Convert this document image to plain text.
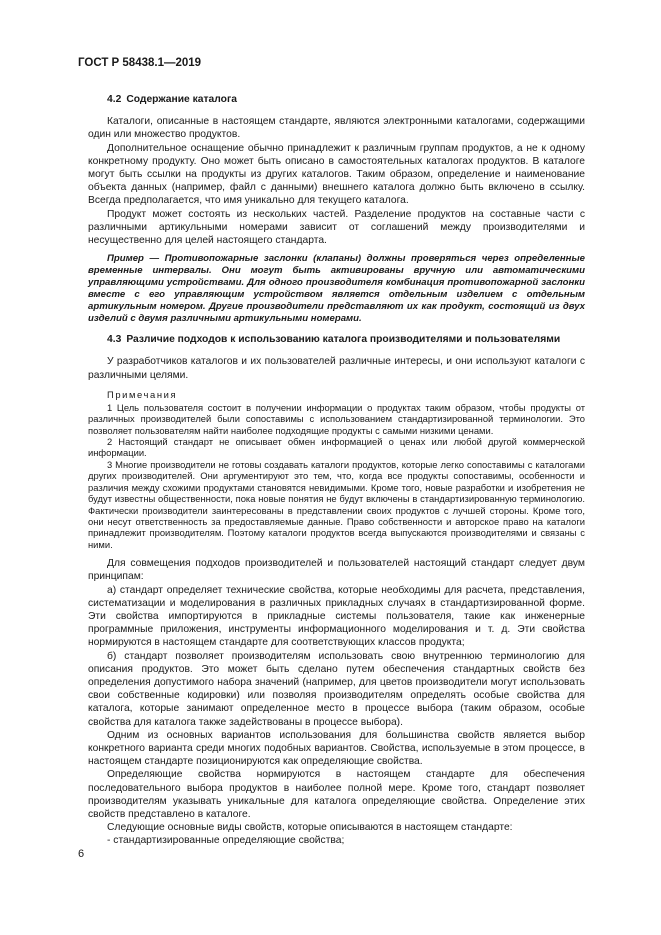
ГОСТ Р 58438.1—2019
4.2 Содержание каталога

Каталоги, описанные в настоящем стандарте, являются электронными каталогами, содержащими один или множество продуктов.

Дополнительное оснащение обычно принадлежит к различным группам продуктов, а не к одному конкретному продукту. Оно может быть описано в самостоятельных каталогах продуктов. В каталоге могут быть ссылки на продукты из других каталогов. Таким образом, определение и наименование объекта данных (например, файл с данными) внешнего каталога должно быть включено в ссылку. Всегда предполагается, что имя уникально для текущего каталога.

Продукт может состоять из нескольких частей. Разделение продуктов на составные части с различными артикульными номерами зависит от соглашений между производителями и несущественно для целей настоящего стандарта.

Пример — Противопожарные заслонки (клапаны) должны проверяться через определенные временные интервалы. Они могут быть активированы вручную или автоматическими управляющими устройствами. Для одного производителя комбинация противопожарной заслонки вместе с его управляющим устройством является отдельным изделием с отдельным артикульным номером. Другие производители представляют их как продукт, состоящий из двух изделий с двумя различными артикульными номерами.

4.3 Различие подходов к использованию каталога производителями и пользователями

У разработчиков каталогов и их пользователей различные интересы, и они используют каталоги с различными целями.

Примечания

1 Цель пользователя состоит в получении информации о продуктах таким образом, чтобы продукты от различных производителей были сопоставимы с использованием стандартизированной терминологии. Это позволяет пользователям найти наиболее подходящие продукты с самыми низкими ценами.

2 Настоящий стандарт не описывает обмен информацией о ценах или любой другой коммерческой информации.

3 Многие производители не готовы создавать каталоги продуктов, которые легко сопоставимы с каталогами других производителей. Они аргументируют это тем, что, когда все продукты сопоставимы, особенности и различия между схожими продуктами становятся невидимыми. Кроме того, новые разработки и изобретения не будут известны общественности, пока новые понятия не будут включены в стандартизированную терминологию. Фактически производители заинтересованы в представлении своих продуктов с лучшей стороны. Кроме того, они несут ответственность за предоставляемые данные. Право собственности и авторское право на каталоги принадлежит производителям. Поэтому каталоги продуктов всегда выпускаются производителями и связаны с ними.

Для совмещения подходов производителей и пользователей настоящий стандарт следует двум принципам:

а) стандарт определяет технические свойства, которые необходимы для расчета, представления, систематизации и моделирования в различных прикладных случаях в стандартизированной форме. Эти свойства импортируются в прикладные системы пользователя, такие как инженерные программные приложения, инструменты информационного моделирования и т. д. Эти свойства нормируются в настоящем стандарте для соответствующих классов продукта;

б) стандарт позволяет производителям использовать свою внутреннюю терминологию для описания продуктов. Это может быть сделано путем обеспечения стандартных свойств без определения допустимого набора значений (например, для цветов производители могут использовать свои собственные кодировки) или позволяя производителям определять особые свойства для каталога, которые занимают определенное место в процессе выбора (таким образом, особые свойства для каталога также задействованы в процессе выбора).

Одним из основных вариантов использования для большинства свойств является выбор конкретного варианта среди многих подобных вариантов. Свойства, используемые в этом процессе, в настоящем стандарте позиционируются как определяющие свойства.

Определяющие свойства нормируются в настоящем стандарте для обеспечения последовательного выбора продуктов в наиболее полной мере. Кроме того, стандарт позволяет производителям указывать уникальные для каталога определяющие свойства. Определение этих свойств представлено в каталоге.

Следующие основные виды свойств, которые описываются в настоящем стандарте:

- стандартизированные определяющие свойства;

6
